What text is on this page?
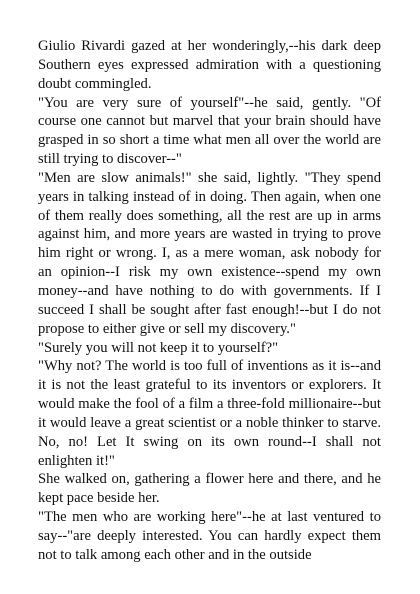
Giulio Rivardi gazed at her wonderingly,--his dark deep Southern eyes expressed admiration with a questioning doubt commingled.

"You are very sure of yourself"--he said, gently. "Of course one cannot but marvel that your brain should have grasped in so short a time what men all over the world are still trying to discover--"

"Men are slow animals!" she said, lightly. "They spend years in talking instead of in doing. Then again, when one of them really does something, all the rest are up in arms against him, and more years are wasted in trying to prove him right or wrong. I, as a mere woman, ask nobody for an opinion--I risk my own existence--spend my own money--and have nothing to do with governments. If I succeed I shall be sought after fast enough!--but I do not propose to either give or sell my discovery."

"Surely you will not keep it to yourself?"

"Why not? The world is too full of inventions as it is--and it is not the least grateful to its inventors or explorers. It would make the fool of a film a three-fold millionaire--but it would leave a great scientist or a noble thinker to starve. No, no! Let It swing on its own round--I shall not enlighten it!"

She walked on, gathering a flower here and there, and he kept pace beside her.

"The men who are working here"--he at last ventured to say--"are deeply interested. You can hardly expect them not to talk among each other and in the outside
